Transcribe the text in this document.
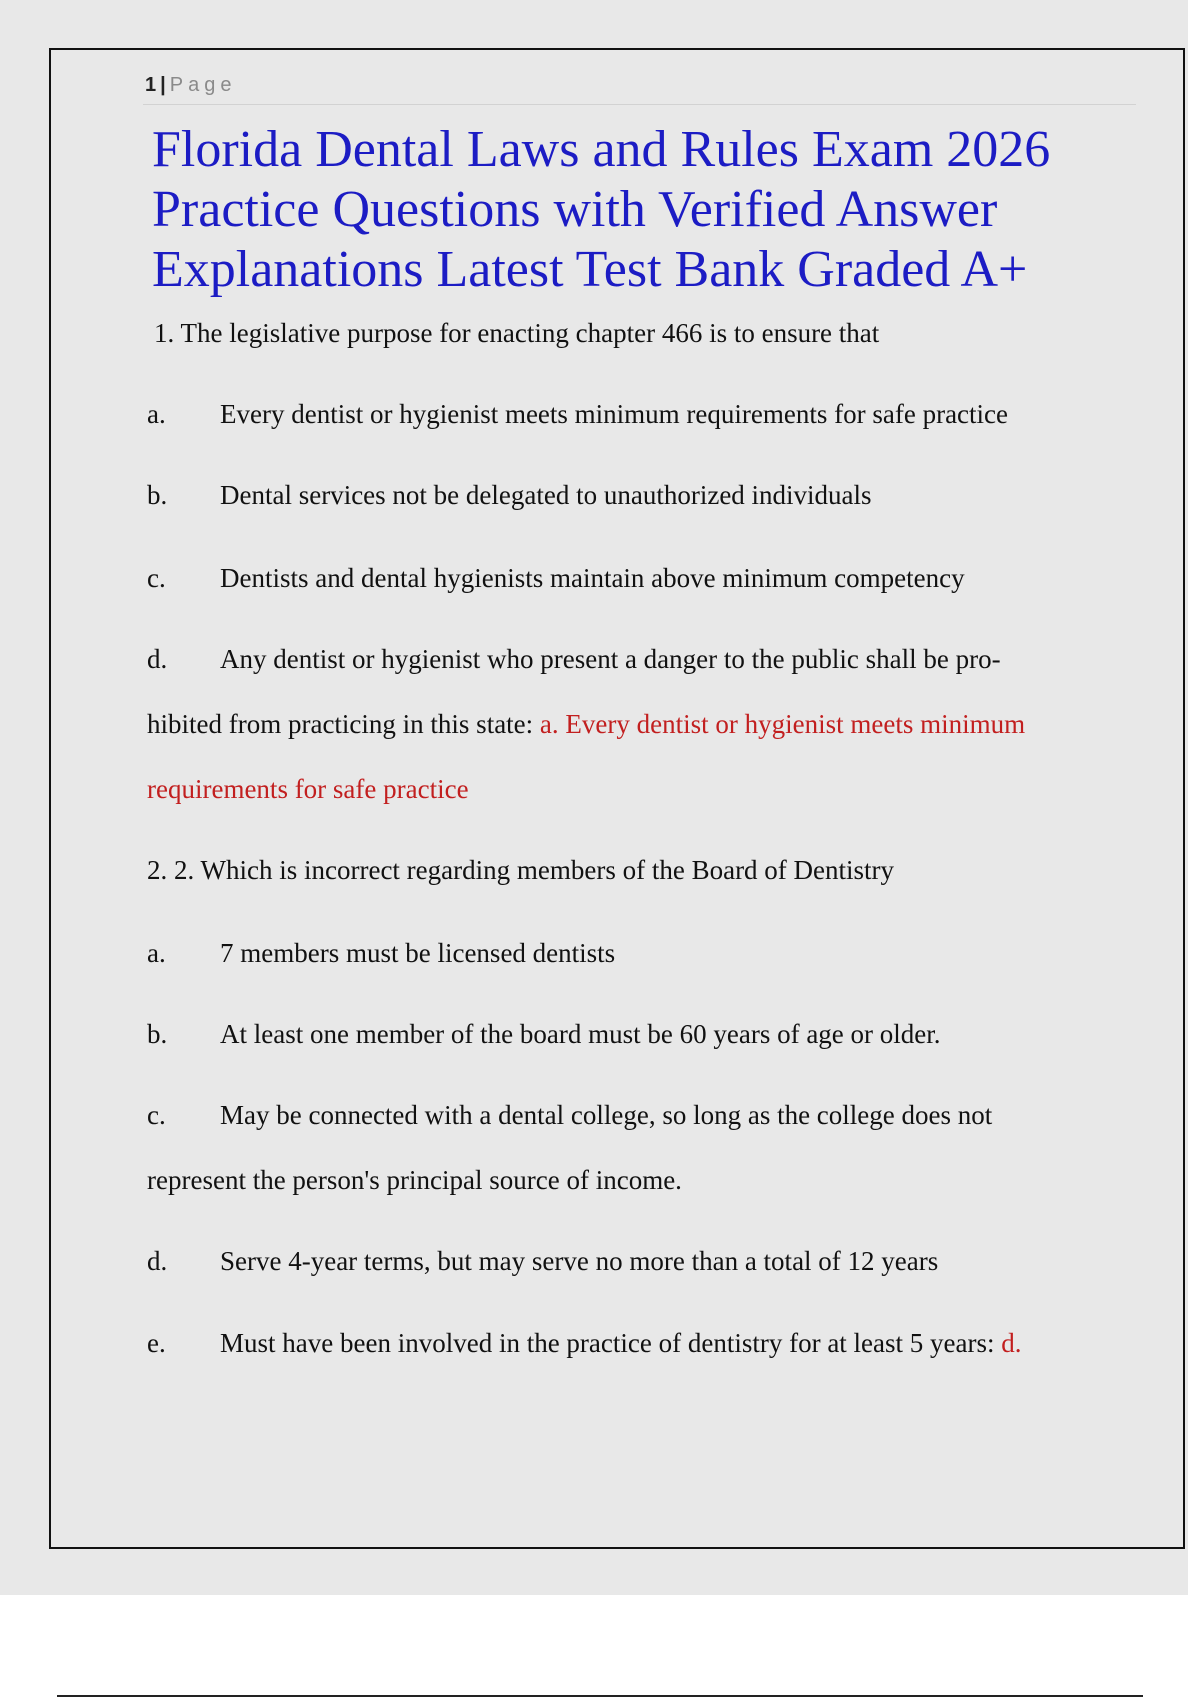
1 | Page
Florida Dental Laws and Rules Exam 2026 Practice Questions with Verified Answer Explanations Latest Test Bank Graded A+
1. The legislative purpose for enacting chapter 466 is to ensure that
a. Every dentist or hygienist meets minimum requirements for safe practice
b. Dental services not be delegated to unauthorized individuals
c. Dentists and dental hygienists maintain above minimum competency
d. Any dentist or hygienist who present a danger to the public shall be pro-
hibited from practicing in this state: a. Every dentist or hygienist meets minimum
requirements for safe practice
2. 2. Which is incorrect regarding members of the Board of Dentistry
a. 7 members must be licensed dentists
b. At least one member of the board must be 60 years of age or older.
c. May be connected with a dental college, so long as the college does not
represent the person's principal source of income.
d. Serve 4-year terms, but may serve no more than a total of 12 years
e. Must have been involved in the practice of dentistry for at least 5 years: d.
